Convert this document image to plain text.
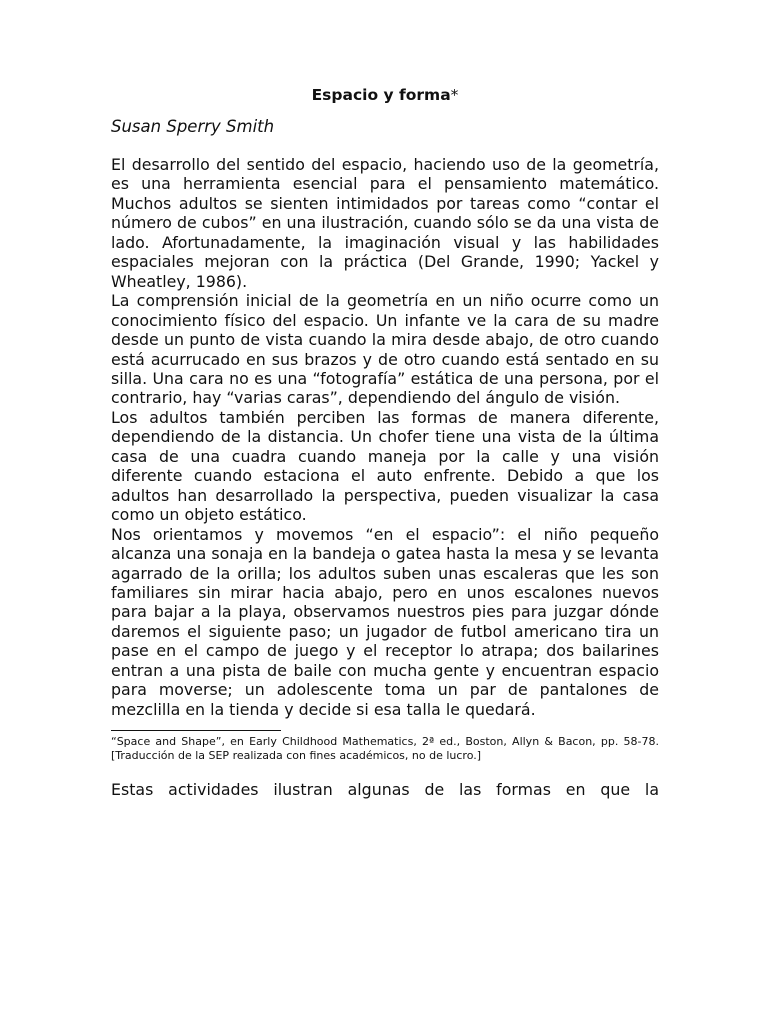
Espacio y forma*
Susan Sperry Smith

El desarrollo del sentido del espacio, haciendo uso de la geometría, es una herramienta esencial para el pensamiento matemático. Muchos adultos se sienten intimidados por tareas como “contar el número de cubos” en una ilustración, cuando sólo se da una vista de lado. Afortunadamente, la imaginación visual y las habilidades espaciales mejoran con la práctica (Del Grande, 1990; Yackel y Wheatley, 1986).

La comprensión inicial de la geometría en un niño ocurre como un conocimiento físico del espacio. Un infante ve la cara de su madre desde un punto de vista cuando la mira desde abajo, de otro cuando está acurrucado en sus brazos y de otro cuando está sentado en su silla. Una cara no es una “fotografía” estática de una persona, por el contrario, hay “varias caras”, dependiendo del ángulo de visión.

Los adultos también perciben las formas de manera diferente, dependiendo de la distancia. Un chofer tiene una vista de la última casa de una cuadra cuando maneja por la calle y una visión diferente cuando estaciona el auto enfrente. Debido a que los adultos han desarrollado la perspectiva, pueden visualizar la casa como un objeto estático.

Nos orientamos y movemos “en el espacio”: el niño pequeño alcanza una sonaja en la bandeja o gatea hasta la mesa y se levanta agarrado de la orilla; los adultos suben unas escaleras que les son familiares sin mirar hacia abajo, pero en unos escalones nuevos para bajar a la playa, observamos nuestros pies para juzgar dónde daremos el siguiente paso; un jugador de futbol americano tira un pase en el campo de juego y el receptor lo atrapa; dos bailarines entran a una pista de baile con mucha gente y encuentran espacio para moverse; un adolescente toma un par de pantalones de mezclilla en la tienda y decide si esa talla le quedará.

“Space and Shape”, en Early Childhood Mathematics, 2ª ed., Boston, Allyn & Bacon, pp. 58-78. [Traducción de la SEP realizada con fines académicos, no de lucro.]

Estas actividades ilustran algunas de las formas en que la
